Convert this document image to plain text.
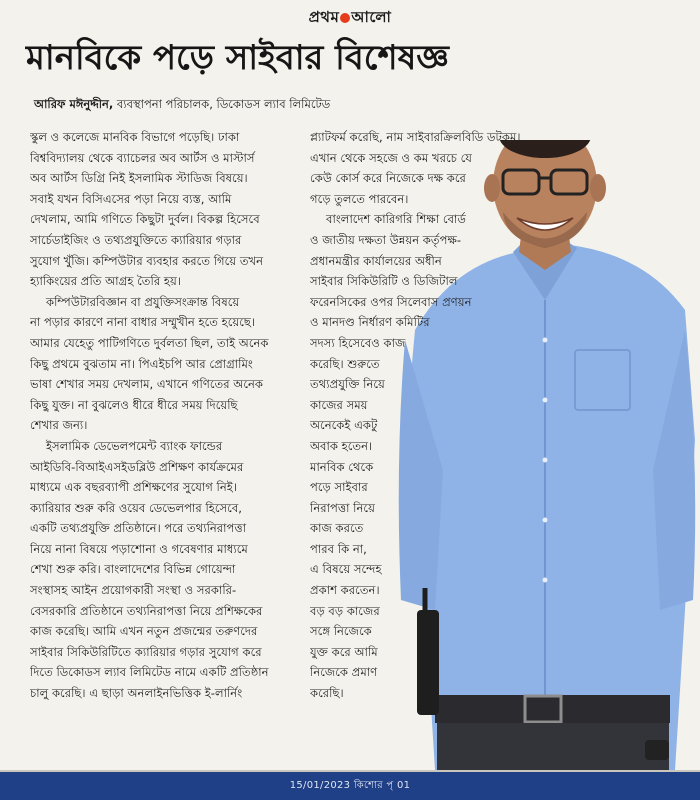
প্রথম আলো
মানবিকে পড়ে সাইবার বিশেষজ্ঞ
আরিফ মঈনুদ্দীন, ব্যবস্থাপনা পরিচালক, ডিকোডস ল্যাব লিমিটেড
স্কুল ও কলেজে মানবিক বিভাগে পড়েছি। ঢাকা
বিশ্ববিদ্যালয় থেকে ব্যাচেলর অব আর্টস ও মাস্টার্স
অব আর্টস ডিগ্রি নিই ইসলামিক স্টাডিজ বিষয়ে।
সবাই যখন বিসিএসের পড়া নিয়ে ব্যস্ত, আমি
দেখলাম, আমি গণিতে কিছুটা দুর্বল। বিকল্প হিসেবে
সার্চেডাইজিং ও তথ্যপ্রযুক্তিতে ক্যারিয়ার গড়ার
সুযোগ খুঁজি। কম্পিউটার ব্যবহার করতে গিয়ে তখন
হ্যাকিংয়ের প্রতি আগ্রহ তৈরি হয়।
কম্পিউটারবিজ্ঞান বা প্রযুক্তিসংক্রান্ত বিষয়ে
না পড়ার কারণে নানা বাধার সম্মুখীন হতে হয়েছে।
আমার যেহেতু পাটিগণিতে দুর্বলতা ছিল, তাই অনেক
কিছু প্রথমে বুঝতাম না। পিএইচপি আর প্রোগ্রামিং
ভাষা শেখার সময় দেখলাম, এখানে গণিতের অনেক
কিছু যুক্ত। না বুঝলেও ধীরে ধীরে সময় দিয়েছি
শেখার জন্য।
ইসলামিক ডেভেলপমেন্ট ব্যাংক ফান্ডের
আইডিবি-বিআইএসইডব্লিউ প্রশিক্ষণ কার্যক্রমের
মাধ্যমে এক বছরব্যাপী প্রশিক্ষণের সুযোগ নিই।
ক্যারিয়ার শুরু করি ওয়েব ডেভেলপার হিসেবে,
একটি তথ্যপ্রযুক্তি প্রতিষ্ঠানে। পরে তথ্যনিরাপত্তা
নিয়ে নানা বিষয়ে পড়াশোনা ও গবেষণার মাধ্যমে
শেখা শুরু করি। বাংলাদেশের বিভিন্ন গোয়েন্দা
সংস্থাসহ আইন প্রয়োগকারী সংস্থা ও সরকারি-
বেসরকারি প্রতিষ্ঠানে তথ্যনিরাপত্তা নিয়ে প্রশিক্ষকের
কাজ করেছি। আমি এখন নতুন প্রজন্মের তরুণদের
সাইবার সিকিউরিটিতে ক্যারিয়ার গড়ার সুযোগ করে
দিতে ডিকোডস ল্যাব লিমিটেড নামে একটি প্রতিষ্ঠান
চালু করেছি। এ ছাড়া অনলাইনভিত্তিক ই-লার্নিং
প্ল্যাটফর্ম করেছি, নাম সাইবারক্রিলবিডি ডটকম।
এখান থেকে সহজে ও কম খরচে যে
কেউ কোর্স করে নিজেকে দক্ষ করে
গড়ে তুলতে পারবেন।
বাংলাদেশ কারিগরি শিক্ষা বোর্ড
ও জাতীয় দক্ষতা উন্নয়ন কর্তৃপক্ষ-
প্রধানমন্ত্রীর কার্যালয়ের অধীন
সাইবার সিকিউরিটি ও ডিজিটাল
ফরেনসিকের ওপর সিলেবাস প্রণয়ন
ও মানদণ্ড নির্ধারণ কমিটির
সদস্য হিসেবেও কাজ
করেছি। শুরুতে
তথ্যপ্রযুক্তি নিয়ে
কাজের সময়
অনেকেই একটু
অবাক হতেন।
মানবিক থেকে
পড়ে সাইবার
নিরাপত্তা নিয়ে
কাজ করতে
পারব কি না,
এ বিষয়ে সন্দেহ
প্রকাশ করতেন।
বড় বড় কাজের
সঙ্গে নিজেকে
যুক্ত করে আমি
নিজেকে প্রমাণ
করেছি।
15/01/2023 কিশোর পৃ 01
